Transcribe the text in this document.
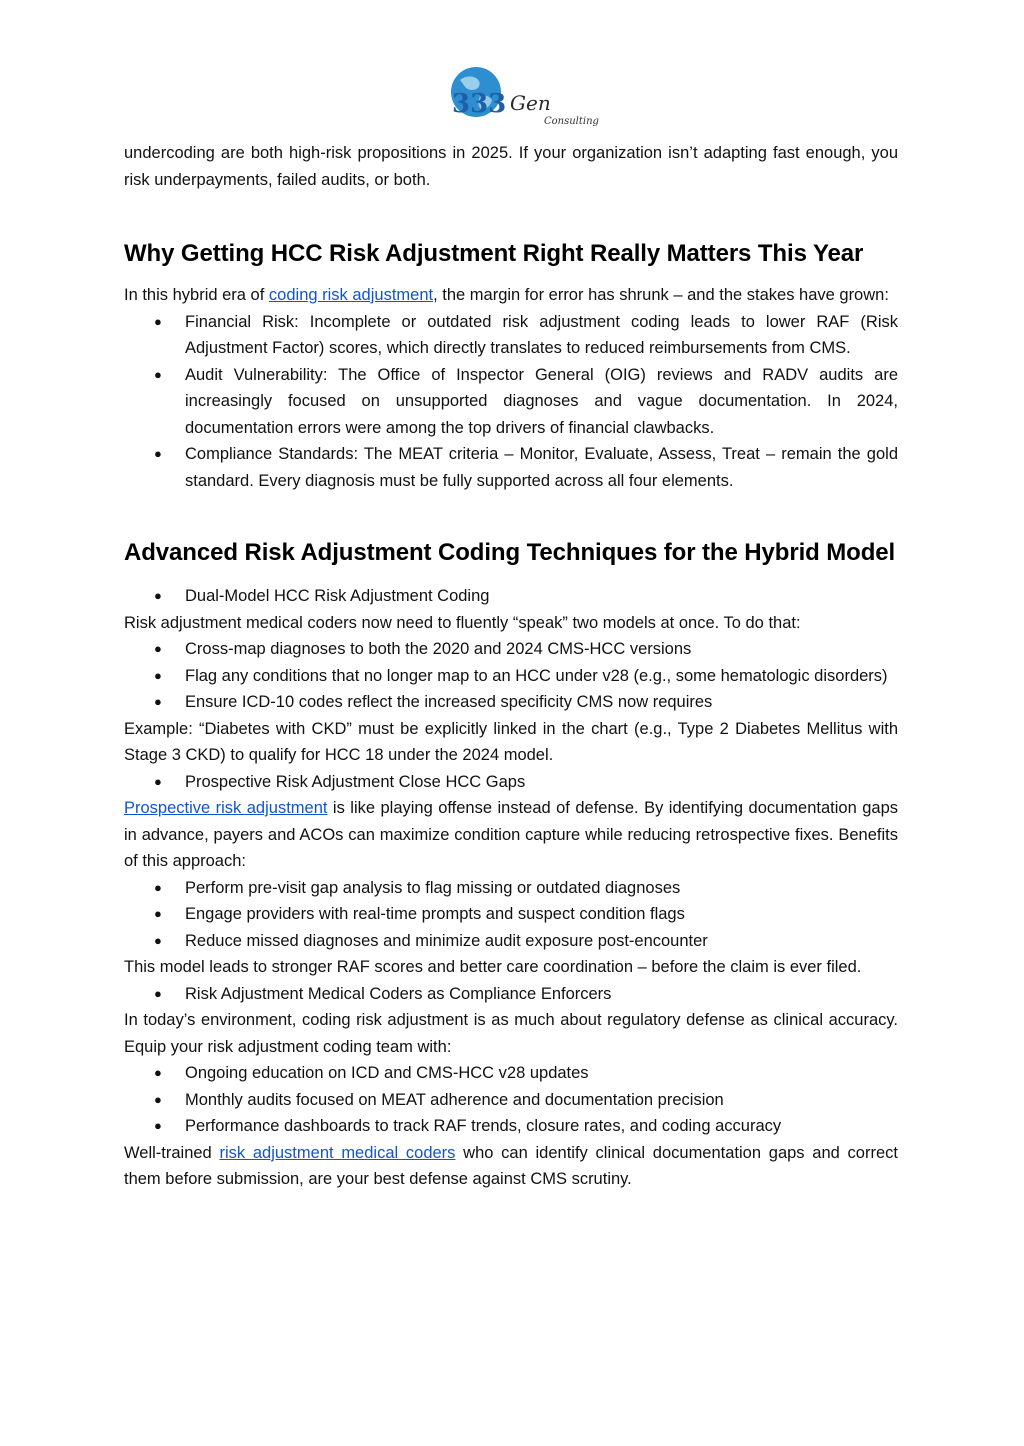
333 Gen
Consulting

undercoding are both high-risk propositions in 2025. If your organization isn’t adapting fast enough, you risk underpayments, failed audits, or both.

Why Getting HCC Risk Adjustment Right Really Matters This Year

In this hybrid era of coding risk adjustment, the margin for error has shrunk – and the stakes have grown:

● Financial Risk: Incomplete or outdated risk adjustment coding leads to lower RAF (Risk Adjustment Factor) scores, which directly translates to reduced reimbursements from CMS.
● Audit Vulnerability: The Office of Inspector General (OIG) reviews and RADV audits are increasingly focused on unsupported diagnoses and vague documentation. In 2024, documentation errors were among the top drivers of financial clawbacks.
● Compliance Standards: The MEAT criteria – Monitor, Evaluate, Assess, Treat – remain the gold standard. Every diagnosis must be fully supported across all four elements.
Advanced Risk Adjustment Coding Techniques for the Hybrid Model
● Dual-Model HCC Risk Adjustment Coding

Risk adjustment medical coders now need to fluently “speak” two models at once. To do that:

● Cross-map diagnoses to both the 2020 and 2024 CMS-HCC versions
● Flag any conditions that no longer map to an HCC under v28 (e.g., some hematologic disorders)
● Ensure ICD-10 codes reflect the increased specificity CMS now requires

Example: “Diabetes with CKD” must be explicitly linked in the chart (e.g., Type 2 Diabetes Mellitus with Stage 3 CKD) to qualify for HCC 18 under the 2024 model.

● Prospective Risk Adjustment Close HCC Gaps

Prospective risk adjustment is like playing offense instead of defense. By identifying documentation gaps in advance, payers and ACOs can maximize condition capture while reducing retrospective fixes. Benefits of this approach:

● Perform pre-visit gap analysis to flag missing or outdated diagnoses
● Engage providers with real-time prompts and suspect condition flags
● Reduce missed diagnoses and minimize audit exposure post-encounter

This model leads to stronger RAF scores and better care coordination – before the claim is ever filed.

● Risk Adjustment Medical Coders as Compliance Enforcers

In today’s environment, coding risk adjustment is as much about regulatory defense as clinical accuracy. Equip your risk adjustment coding team with:

● Ongoing education on ICD and CMS-HCC v28 updates
● Monthly audits focused on MEAT adherence and documentation precision
● Performance dashboards to track RAF trends, closure rates, and coding accuracy

Well-trained risk adjustment medical coders who can identify clinical documentation gaps and correct them before submission, are your best defense against CMS scrutiny.
